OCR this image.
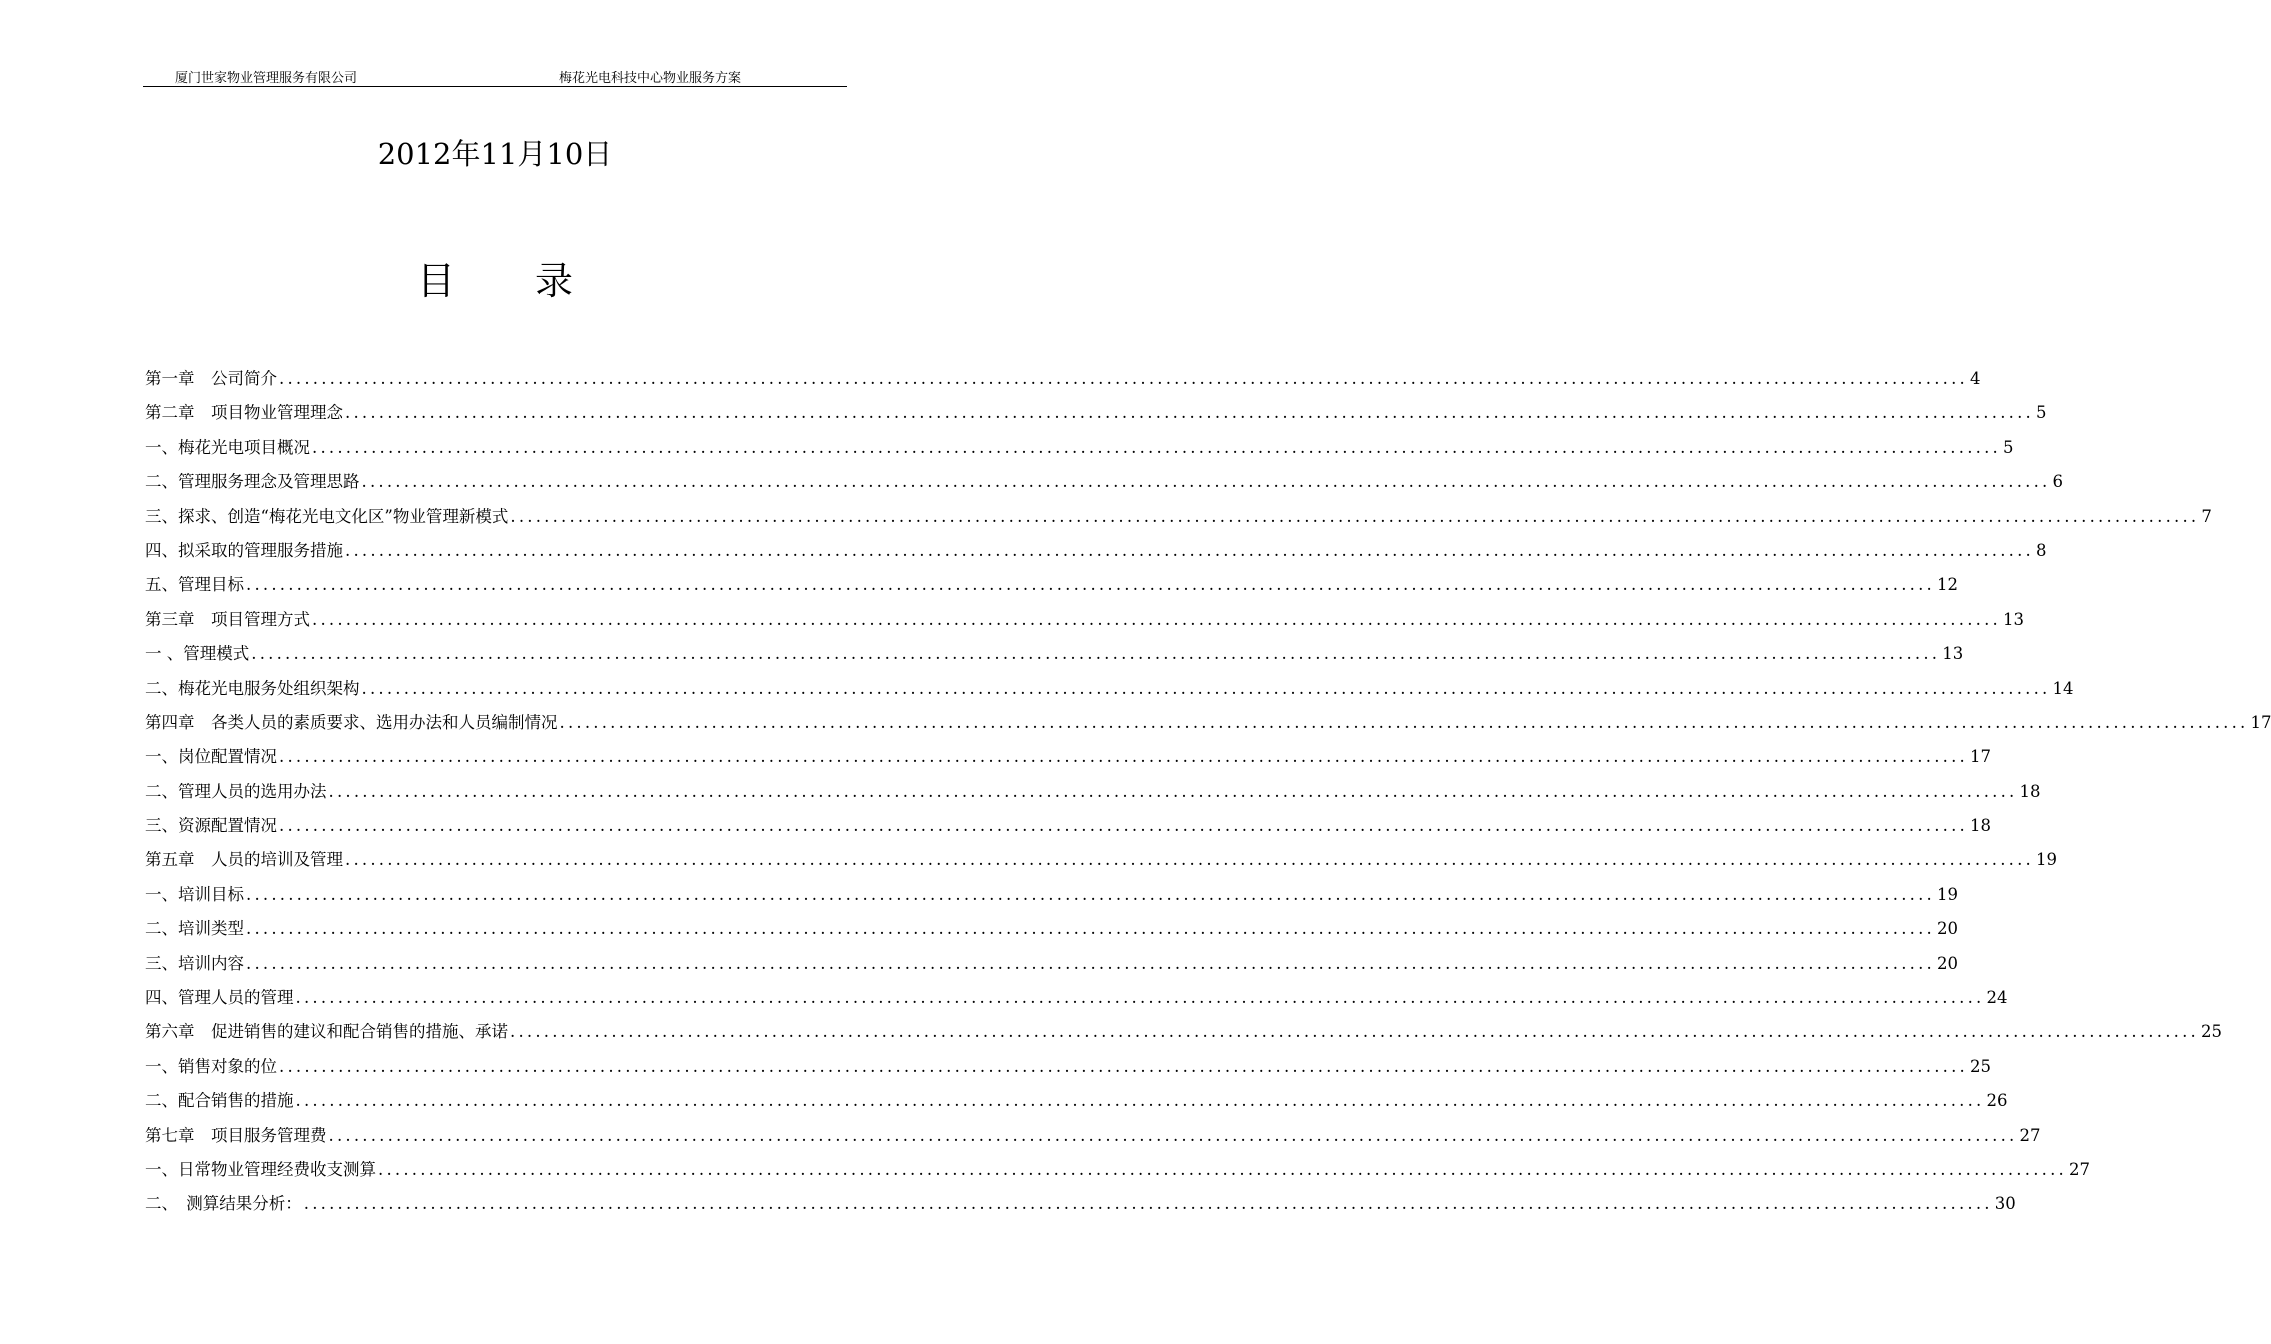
厦门世家物业管理服务有限公司	梅花光电科技中心物业服务方案
2012年11月10日
目 录
第一章　公司简介 ........................................................................................................................................................................................................ 4
第二章　项目物业管理理念 ........................................................................................................................................................................................................ 5
一、梅花光电项目概况 ........................................................................................................................................................................................................ 5
二、管理服务理念及管理思路 ........................................................................................................................................................................................................ 6
三、探求、创造“梅花光电文化区”物业管理新模式 ........................................................................................................................................................................................................ 7
四、拟采取的管理服务措施 ........................................................................................................................................................................................................ 8
五、管理目标 ........................................................................................................................................................................................................ 12
第三章　项目管理方式 ........................................................................................................................................................................................................ 13
一 、管理模式 ........................................................................................................................................................................................................ 13
二、梅花光电服务处组织架构 ........................................................................................................................................................................................................ 14
第四章　各类人员的素质要求、选用办法和人员编制情况 ........................................................................................................................................................................................................ 17
一、岗位配置情况 ........................................................................................................................................................................................................ 17
二、管理人员的选用办法 ........................................................................................................................................................................................................ 18
三、资源配置情况 ........................................................................................................................................................................................................ 18
第五章　人员的培训及管理 ........................................................................................................................................................................................................ 19
一、培训目标 ........................................................................................................................................................................................................ 19
二、培训类型 ........................................................................................................................................................................................................ 20
三、培训内容 ........................................................................................................................................................................................................ 20
四、管理人员的管理 ........................................................................................................................................................................................................ 24
第六章　促进销售的建议和配合销售的措施、承诺 ........................................................................................................................................................................................................ 25
一、销售对象的位 ........................................................................................................................................................................................................ 25
二、配合销售的措施 ........................................................................................................................................................................................................ 26
第七章　项目服务管理费 ........................................................................................................................................................................................................ 27
一、日常物业管理经费收支测算 ........................................................................................................................................................................................................ 27
二、　测算结果分析： ........................................................................................................................................................................................................ 30
